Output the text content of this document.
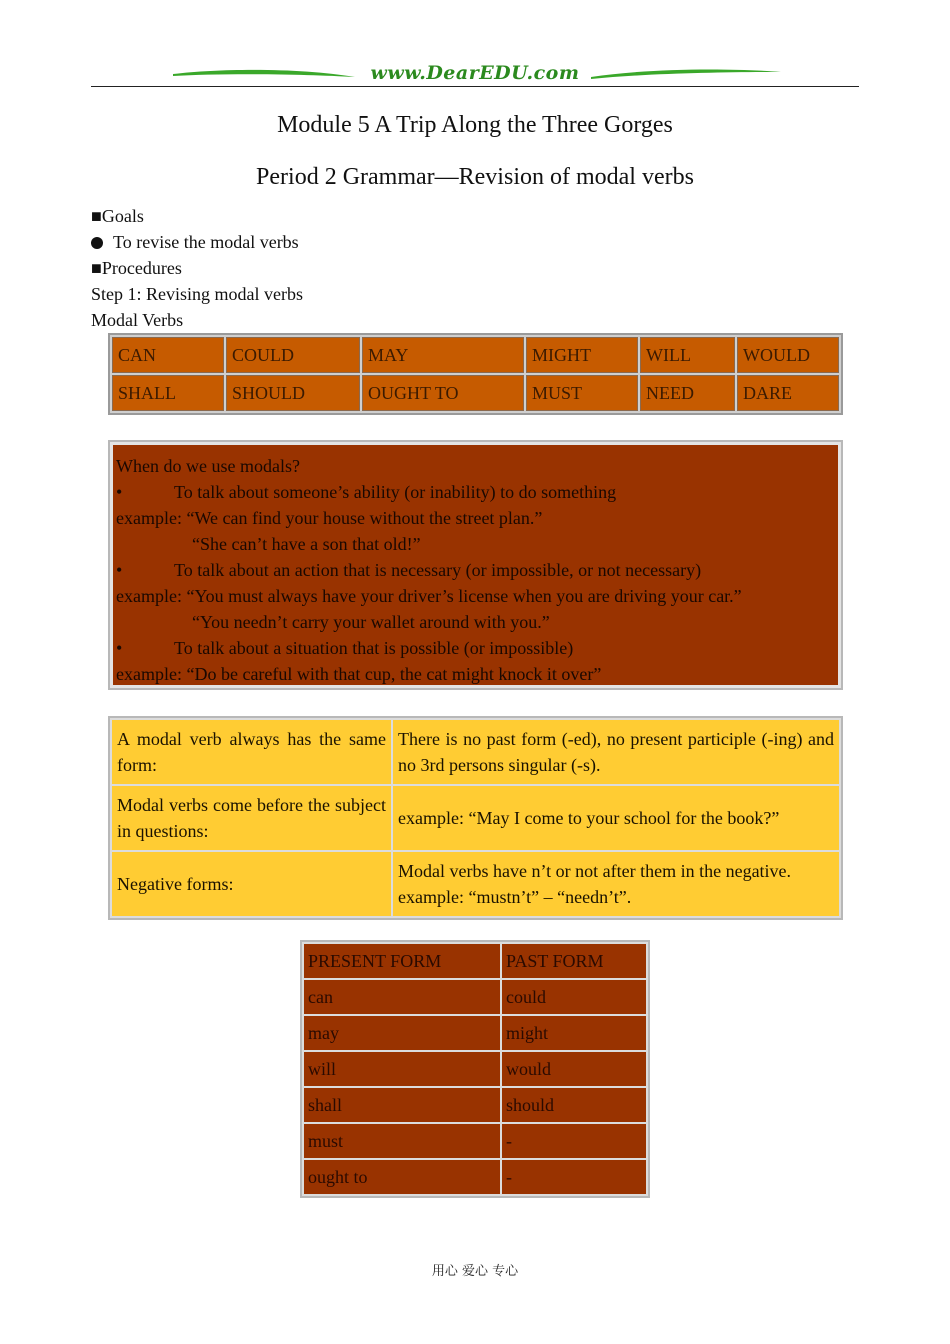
www.DearEDU.com
Module 5 A Trip Along the Three Gorges
Period 2 Grammar—Revision of modal verbs
■Goals
To revise the modal verbs
■Procedures
Step 1: Revising modal verbs
Modal Verbs
CAN	COULD	MAY	MIGHT	WILL	WOULD
SHALL	SHOULD	OUGHT TO	MUST	NEED	DARE
When do we use modals?
•	To talk about someone’s ability (or inability) to do something
example: “We can find your house without the street plan.”
“She can’t have a son that old!”
•	To talk about an action that is necessary (or impossible, or not necessary)
example: “You must always have your driver’s license when you are driving your car.”
“You needn’t carry your wallet around with you.”
•	To talk about a situation that is possible (or impossible)
example: “Do be careful with that cup, the cat might knock it over”
A modal verb always has the same form:	There is no past form (-ed), no present participle (-ing) and no 3rd persons singular (-s).
Modal verbs come before the subject in questions:	example: “May I come to your school for the book?”
Negative forms:	Modal verbs have n’t or not after them in the negative.
example: “mustn’t” – “needn’t”.
PRESENT FORM	PAST FORM
can	could
may	might
will	would
shall	should
must	-
ought to	-
用心 爱心 专心
